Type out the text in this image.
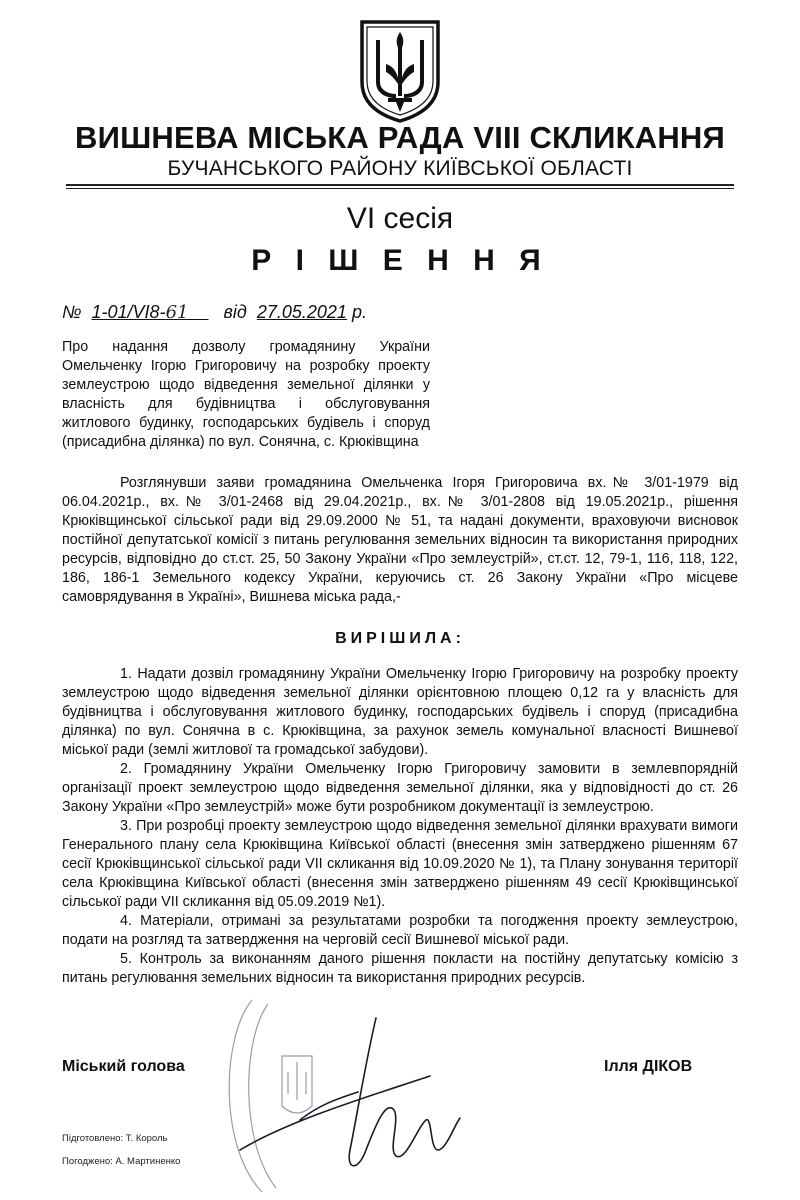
ВИШНЕВА МІСЬКА РАДА VIII СКЛИКАННЯ
БУЧАНСЬКОГО РАЙОНУ КИЇВСЬКОЇ ОБЛАСТІ
VI сесія
Р І Ш Е Н Н Я
№ 1-01/VІ8-61 від 27.05.2021 р.
Про надання дозволу громадянину України
Омельченку Ігорю Григоровичу на розробку проекту
землеустрою щодо відведення земельної ділянки у
власність для будівництва і обслуговування
житлового будинку, господарських будівель і споруд
(присадибна ділянка) по вул. Сонячна, с. Крюківщина

Розглянувши заяви громадянина Омельченка Ігоря Григоровича вх.№ 3/01-1979 від 06.04.2021р., вх.№ 3/01-2468 від 29.04.2021р., вх.№ 3/01-2808 від 19.05.2021р., рішення Крюківщинської сільської ради від 29.09.2000 № 51, та надані документи, враховуючи висновок постійної депутатської комісії з питань регулювання земельних відносин та використання природних ресурсів, відповідно до ст.ст. 25, 50 Закону України «Про землеустрій», ст.ст. 12, 79-1, 116, 118, 122, 186, 186-1 Земельного кодексу України, керуючись ст. 26 Закону України «Про місцеве самоврядування в Україні», Вишнева міська рада,-

ВИРІШИЛА:

1. Надати дозвіл громадянину України Омельченку Ігорю Григоровичу на розробку проекту землеустрою щодо відведення земельної ділянки орієнтовною площею 0,12 га у власність для будівництва і обслуговування житлового будинку, господарських будівель і споруд (присадибна ділянка) по вул. Сонячна в с. Крюківщина, за рахунок земель комунальної власності Вишневої міської ради (землі житлової та громадської забудови).

2. Громадянину України Омельченку Ігорю Григоровичу замовити в землевпорядній організації проект землеустрою щодо відведення земельної ділянки, яка у відповідності до ст. 26 Закону України «Про землеустрій» може бути розробником документації із землеустрою.

3. При розробці проекту землеустрою щодо відведення земельної ділянки врахувати вимоги Генерального плану села Крюківщина Київської області (внесення змін затверджено рішенням 67 сесії Крюківщинської сільської ради VII скликання від 10.09.2020 № 1), та Плану зонування території села Крюківщина Київської області (внесення змін затверджено рішенням 49 сесії Крюківщинської сільської ради VII скликання від 05.09.2019 №1).

4. Матеріали, отримані за результатами розробки та погодження проекту землеустрою, подати на розгляд та затвердження на черговій сесії Вишневої міської ради.

5. Контроль за виконанням даного рішення покласти на постійну депутатську комісію з питань регулювання земельних відносин та використання природних ресурсів.

Міський голова	Ілля ДІКОВ
Підготовлено: Т. Король
Погоджено: А. Мартиненко
